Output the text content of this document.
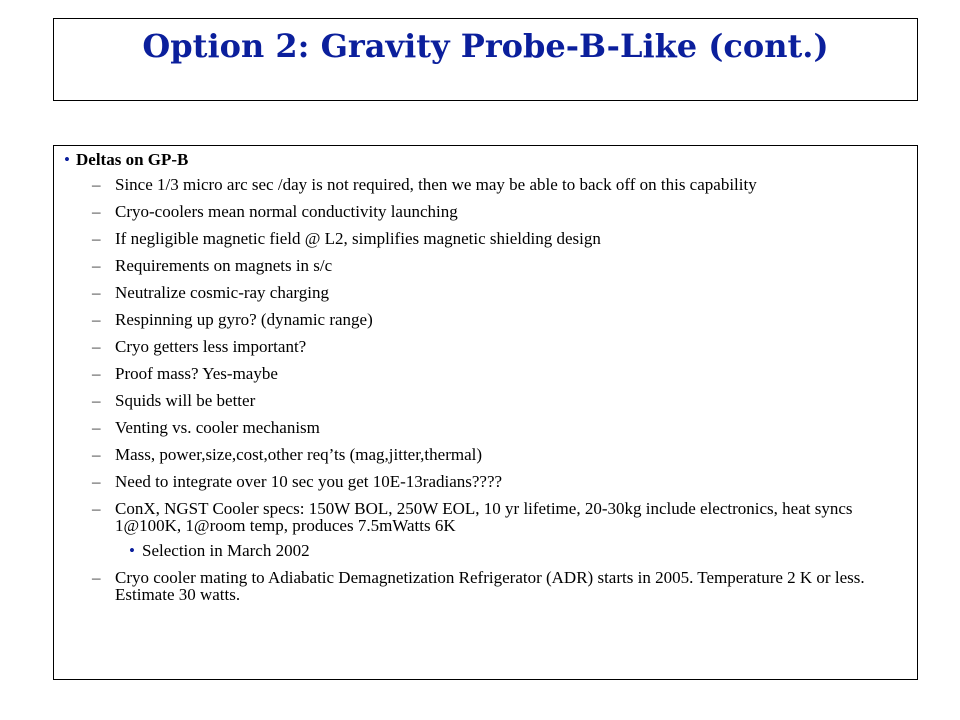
Option 2: Gravity Probe-B-Like (cont.)
• Deltas on GP-B
– Since 1/3 micro arc sec /day is not required, then we may be able to back off on this capability
– Cryo-coolers mean normal conductivity launching
– If negligible magnetic field @ L2, simplifies magnetic shielding design
– Requirements on magnets in s/c
– Neutralize cosmic-ray charging
– Respinning up gyro? (dynamic range)
– Cryo getters less important?
– Proof mass? Yes-maybe
– Squids will be better
– Venting vs. cooler mechanism
– Mass, power,size,cost,other req’ts (mag,jitter,thermal)
– Need to integrate over 10 sec you get 10E-13radians????
– ConX, NGST Cooler specs: 150W BOL, 250W EOL, 10 yr lifetime, 20-30kg include electronics, heat syncs 1@100K, 1@room temp, produces 7.5mWatts 6K
• Selection in March 2002
– Cryo cooler mating to Adiabatic Demagnetization Refrigerator (ADR) starts in 2005. Temperature 2 K or less. Estimate 30 watts.
